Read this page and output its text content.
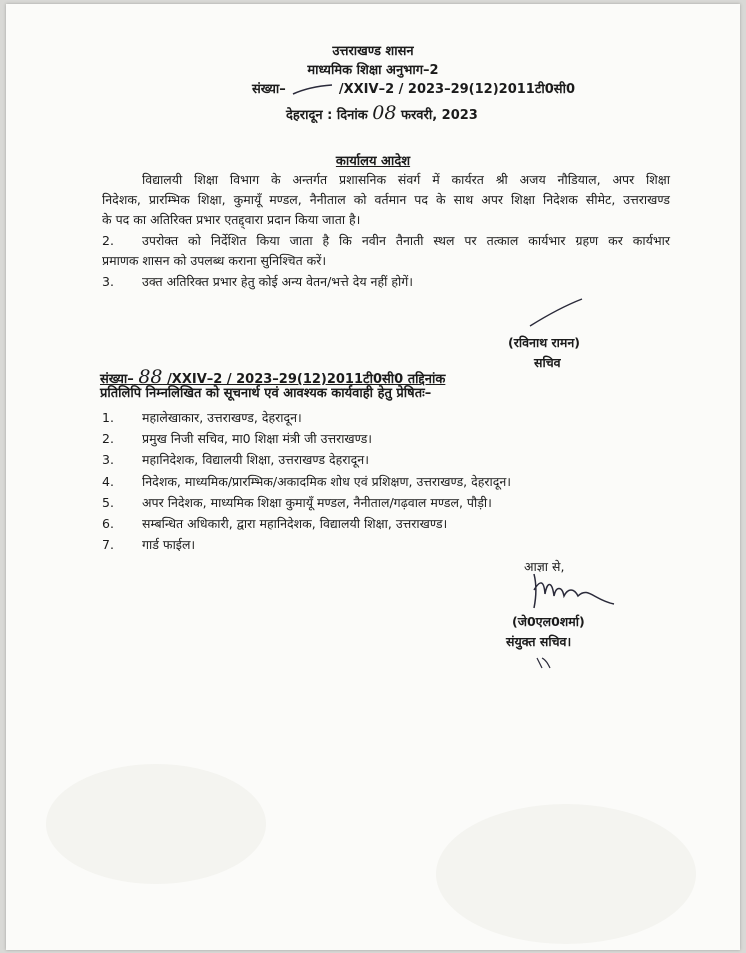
उत्तराखण्ड शासन
माध्यमिक शिक्षा अनुभाग–2
संख्या–	/XXIV–2 / 2023–29(12)2011टी0सी0
देहरादून : दिनांक 08 फरवरी, 2023
कार्यालय आदेश
विद्यालयी शिक्षा विभाग के अन्तर्गत प्रशासनिक संवर्ग में कार्यरत श्री अजय नौडियाल, अपर शिक्षा
निदेशक, प्रारम्भिक शिक्षा, कुमायूँ मण्डल, नैनीताल को वर्तमान पद के साथ अपर शिक्षा निदेशक सीमेट, उत्तराखण्ड
के पद का अतिरिक्त प्रभार एतद्द्वारा प्रदान किया जाता है।
2. उपरोक्त को निर्देशित किया जाता है कि नवीन तैनाती स्थल पर तत्काल कार्यभार ग्रहण कर कार्यभार
प्रमाणक शासन को उपलब्ध कराना सुनिश्चित करें।
3. उक्त अतिरिक्त प्रभार हेतु कोई अन्य वेतन/भत्ते देय नहीं होगें।
(रविनाथ रामन)
सचिव
संख्या– 88 /XXIV–2 / 2023–29(12)2011टी0सी0 तद्दिनांक
प्रतिलिपि निम्नलिखित को सूचनार्थ एवं आवश्यक कार्यवाही हेतु प्रेषितः–
1. महालेखाकार, उत्तराखण्ड, देहरादून।
2. प्रमुख निजी सचिव, मा0 शिक्षा मंत्री जी उत्तराखण्ड।
3. महानिदेशक, विद्यालयी शिक्षा, उत्तराखण्ड देहरादून।
4. निदेशक, माध्यमिक/प्रारम्भिक/अकादमिक शोध एवं प्रशिक्षण, उत्तराखण्ड, देहरादून।
5. अपर निदेशक, माध्यमिक शिक्षा कुमायूँ मण्डल, नैनीताल/गढ़वाल मण्डल, पौड़ी।
6. सम्बन्धित अधिकारी, द्वारा महानिदेशक, विद्यालयी शिक्षा, उत्तराखण्ड।
7. गार्ड फाईल।
आज्ञा से,
(जे0एल0शर्मा)
संयुक्त सचिव।
